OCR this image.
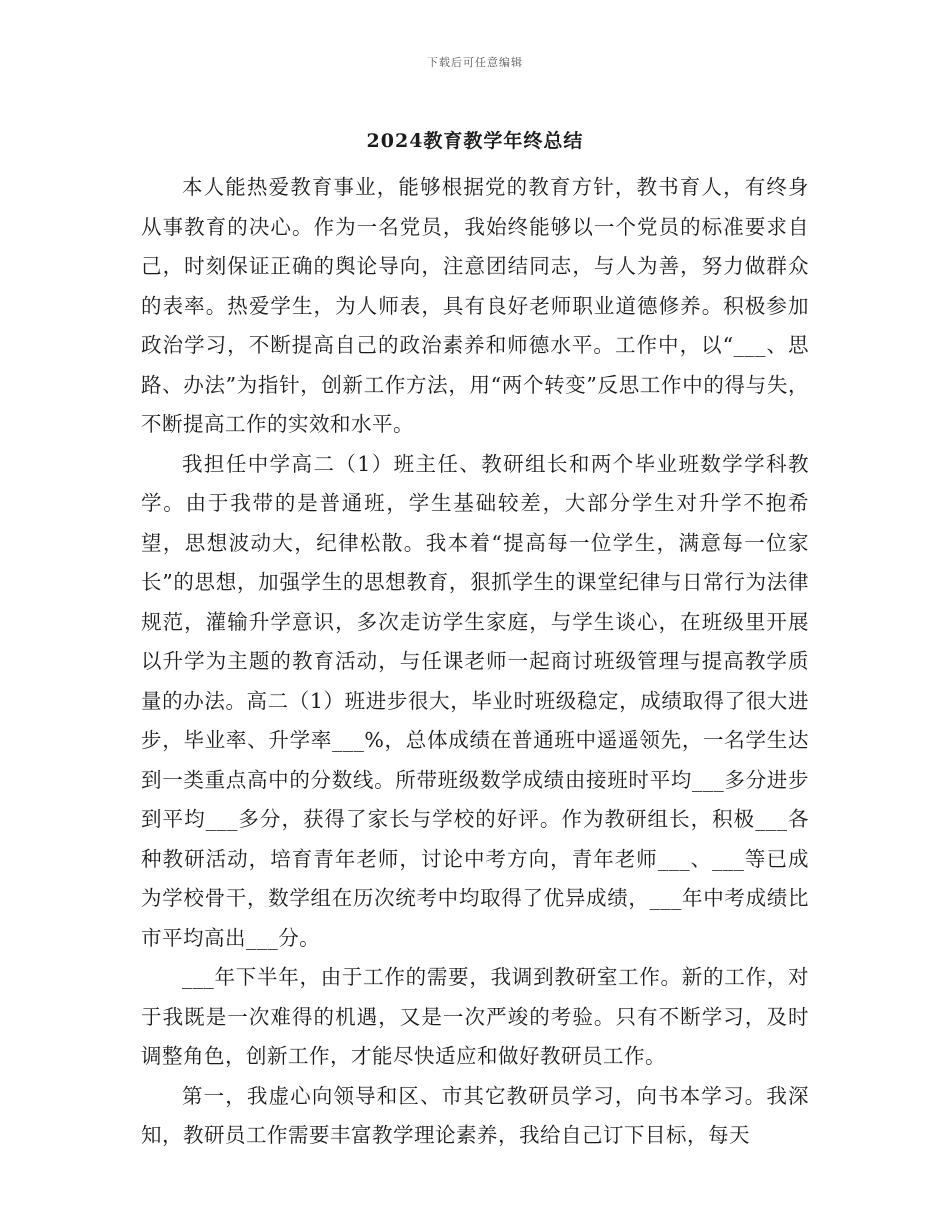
下载后可任意编辑
2024教育教学年终总结

本人能热爱教育事业，能够根据党的教育方针，教书育人，有终身从事教育的决心。作为一名党员，我始终能够以一个党员的标准要求自己，时刻保证正确的舆论导向，注意团结同志，与人为善，努力做群众的表率。热爱学生，为人师表，具有良好老师职业道德修养。积极参加政治学习，不断提高自己的政治素养和师德水平。工作中，以“___、思路、办法”为指针，创新工作方法，用“两个转变”反思工作中的得与失，不断提高工作的实效和水平。

我担任中学高二（1）班主任、教研组长和两个毕业班数学学科教学。由于我带的是普通班，学生基础较差，大部分学生对升学不抱希望，思想波动大，纪律松散。我本着“提高每一位学生，满意每一位家长”的思想，加强学生的思想教育，狠抓学生的课堂纪律与日常行为法律规范，灌输升学意识，多次走访学生家庭，与学生谈心，在班级里开展以升学为主题的教育活动，与任课老师一起商讨班级管理与提高教学质量的办法。高二（1）班进步很大，毕业时班级稳定，成绩取得了很大进步，毕业率、升学率___%，总体成绩在普通班中遥遥领先，一名学生达到一类重点高中的分数线。所带班级数学成绩由接班时平均___多分进步到平均___多分，获得了家长与学校的好评。作为教研组长，积极___各种教研活动，培育青年老师，讨论中考方向，青年老师___、___等已成为学校骨干，数学组在历次统考中均取得了优异成绩，___年中考成绩比市平均高出___分。

___年下半年，由于工作的需要，我调到教研室工作。新的工作，对于我既是一次难得的机遇，又是一次严竣的考验。只有不断学习，及时调整角色，创新工作，才能尽快适应和做好教研员工作。

第一，我虚心向领导和区、市其它教研员学习，向书本学习。我深知，教研员工作需要丰富教学理论素养，我给自己订下目标，每天
